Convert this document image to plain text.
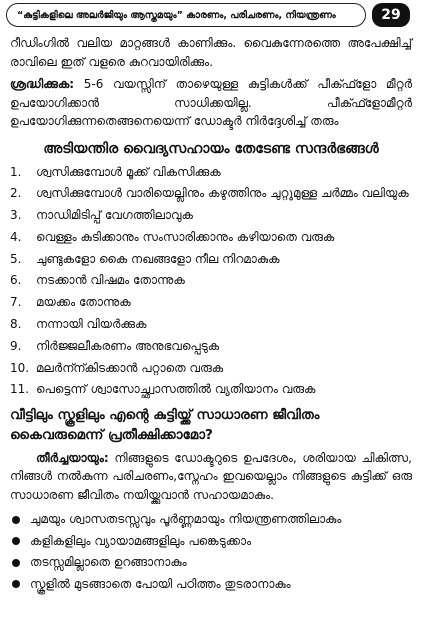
“കുട്ടികളിലെ അലർജിയും ആസ്തമയും” കാരണം, പരിചരണം, നിയന്ത്രണം	29

റീഡിംഗിൽ വലിയ മാറ്റങ്ങൾ കാണിക്കും. വൈകുന്നേരത്തെ അപേക്ഷിച്ച് രാവിലെ ഇത് വളരെ കുറവായിരിക്കും.

ശ്രദ്ധിക്കുക: 5-6 വയസ്സിന് താഴെയുള്ള കുട്ടികൾക്ക് പീക്ഫ്ളോ മീറ്റർ ഉപയോഗിക്കാൻ സാധിക്കയില്ല. പീക്ഫ്ളോമീറ്റർ ഉപയോഗിക്കുന്നതെങ്ങനെയെന്ന് ഡോക്ടർ നിർദ്ദേശിച്ച് തരും

അടിയന്തിര വൈദ്യസഹായം തേടേണ്ട സന്ദർഭങ്ങൾ
1.	ശ്വസിക്കുമ്പോൾ മൂക്ക് വികസിക്കുക
2.	ശ്വസിക്കുമ്പോൾ വാരിയെല്ലിനും കഴുത്തിനും ചുറ്റുമുള്ള ചർമ്മം വലിയുക
3.	നാഡിമിടിപ്പ് വേഗത്തിലാവുക
4.	വെള്ളം കുടിക്കാനും സംസാരിക്കാനും കഴിയാതെ വരുക
5.	ചുണ്ടുകളോ കൈ നഖങ്ങളോ നീല നിറമാകുക
6.	നടക്കാൻ വിഷമം തോന്നുക
7.	മയക്കം തോന്നുക
8.	നന്നായി വിയർക്കുക
9.	നിർജ്ജലീകരണം അനുഭവപ്പെടുക
10. മലർന്ന്കിടക്കാൻ പറ്റാതെ വരുക
11. പെട്ടെന്ന് ശ്വാസോച്ഛ്വാസത്തിൽ വ്യതിയാനം വരുക
വീട്ടിലും സ്കൂളിലും എന്റെ കുട്ടിയ്ക്ക് സാധാരണ ജീവിതം കൈവരുമെന്ന് പ്രതീക്ഷിക്കാമോ?

തീർച്ചയായും: നിങ്ങളുടെ ഡോക്ടറുടെ ഉപദേശം, ശരിയായ ചികിത്സ, നിങ്ങൾ നൽകുന്ന പരിചരണം,സ്നേഹം ഇവയെല്ലാം നിങ്ങളുടെ കുട്ടിക്ക് ഒരു സാധാരണ ജീവിതം നയിയ്ക്കുവാൻ സഹായമാകും.

ചുമയും ശ്വാസതടസ്സവും പൂർണ്ണമായും നിയന്ത്രണത്തിലാകും
കളികളിലും വ്യായാമങ്ങളിലും പങ്കെടുക്കാം
തടസ്സമില്ലാതെ ഉറങ്ങാനാകും
സ്കൂളിൽ മുടങ്ങാതെ പോയി പഠിത്തം തുടരാനാകും
